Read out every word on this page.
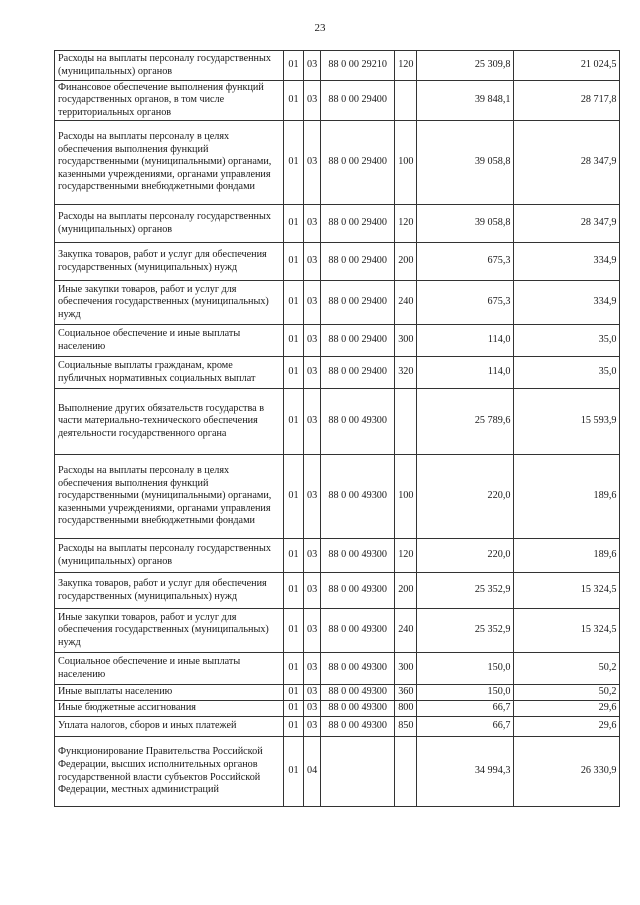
23
Расходы на выплаты персоналу государственных (муниципальных) органов	01	03	88 0 00 29210	120	25 309,8	21 024,5
Финансовое обеспечение выполнения функций государственных органов, в том числе территориальных органов	01	03	88 0 00 29400		39 848,1	28 717,8
Расходы на выплаты персоналу в целях обеспечения выполнения функций государственными (муниципальными) органами, казенными учреждениями, органами управления государственными внебюджетными фондами	01	03	88 0 00 29400	100	39 058,8	28 347,9
Расходы на выплаты персоналу государственных (муниципальных) органов	01	03	88 0 00 29400	120	39 058,8	28 347,9
Закупка товаров, работ и услуг для обеспечения государственных (муниципальных) нужд	01	03	88 0 00 29400	200	675,3	334,9
Иные закупки товаров, работ и услуг для обеспечения государственных (муниципальных) нужд	01	03	88 0 00 29400	240	675,3	334,9
Социальное обеспечение и иные выплаты населению	01	03	88 0 00 29400	300	114,0	35,0
Социальные выплаты гражданам, кроме публичных нормативных социальных выплат	01	03	88 0 00 29400	320	114,0	35,0
Выполнение других обязательств государства в части материально-технического обеспечения деятельности государственного органа	01	03	88 0 00 49300		25 789,6	15 593,9
Расходы на выплаты персоналу в целях обеспечения выполнения функций государственными (муниципальными) органами, казенными учреждениями, органами управления государственными внебюджетными фондами	01	03	88 0 00 49300	100	220,0	189,6
Расходы на выплаты персоналу государственных (муниципальных) органов	01	03	88 0 00 49300	120	220,0	189,6
Закупка товаров, работ и услуг для обеспечения государственных (муниципальных) нужд	01	03	88 0 00 49300	200	25 352,9	15 324,5
Иные закупки товаров, работ и услуг для обеспечения государственных (муниципальных) нужд	01	03	88 0 00 49300	240	25 352,9	15 324,5
Социальное обеспечение и иные выплаты населению	01	03	88 0 00 49300	300	150,0	50,2
Иные выплаты населению	01	03	88 0 00 49300	360	150,0	50,2
Иные бюджетные ассигнования	01	03	88 0 00 49300	800	66,7	29,6
Уплата налогов, сборов и иных платежей	01	03	88 0 00 49300	850	66,7	29,6
Функционирование Правительства Российской Федерации, высших исполнительных органов государственной власти субъектов Российской Федерации, местных администраций	01	04			34 994,3	26 330,9
